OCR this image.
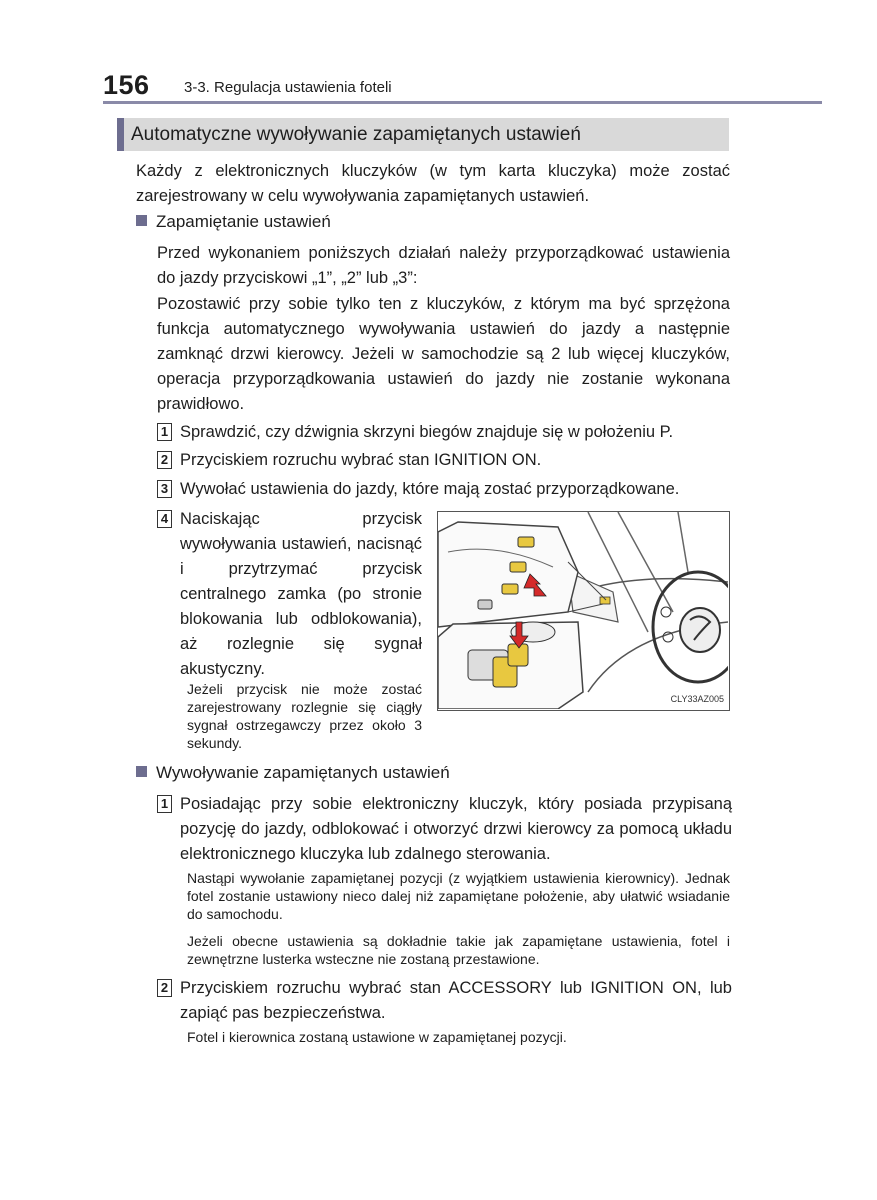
156 3-3. Regulacja ustawienia foteli
Automatyczne wywoływanie zapamiętanych ustawień
Każdy z elektronicznych kluczyków (w tym karta kluczyka) może zostać zarejestrowany w celu wywoływania zapamiętanych ustawień.
Zapamiętanie ustawień
Przed wykonaniem poniższych działań należy przyporządkować ustawienia do jazdy przyciskowi „1”, „2” lub „3”:
Pozostawić przy sobie tylko ten z kluczyków, z którym ma być sprzężona funkcja automatycznego wywoływania ustawień do jazdy a następnie zamknąć drzwi kierowcy. Jeżeli w samochodzie są 2 lub więcej kluczyków, operacja przyporządkowania ustawień do jazdy nie zostanie wykonana prawidłowo.
1 Sprawdzić, czy dźwignia skrzyni biegów znajduje się w położeniu P.
2 Przyciskiem rozruchu wybrać stan IGNITION ON.
3 Wywołać ustawienia do jazdy, które mają zostać przyporządkowane.
4 Naciskając przycisk wywoływania ustawień, nacisnąć i przytrzymać przycisk centralnego zamka (po stronie blokowania lub odblokowania), aż rozlegnie się sygnał akustyczny.
Jeżeli przycisk nie może zostać zarejestrowany rozlegnie się ciągły sygnał ostrzegawczy przez około 3 sekundy.
CLY33AZ005
Wywoływanie zapamiętanych ustawień
1 Posiadając przy sobie elektroniczny kluczyk, który posiada przypisaną pozycję do jazdy, odblokować i otworzyć drzwi kierowcy za pomocą układu elektronicznego kluczyka lub zdalnego sterowania.
Nastąpi wywołanie zapamiętanej pozycji (z wyjątkiem ustawienia kierownicy). Jednak fotel zostanie ustawiony nieco dalej niż zapamiętane położenie, aby ułatwić wsiadanie do samochodu.
Jeżeli obecne ustawienia są dokładnie takie jak zapamiętane ustawienia, fotel i zewnętrzne lusterka wsteczne nie zostaną przestawione.
2 Przyciskiem rozruchu wybrać stan ACCESSORY lub IGNITION ON, lub zapiąć pas bezpieczeństwa.
Fotel i kierownica zostaną ustawione w zapamiętanej pozycji.
